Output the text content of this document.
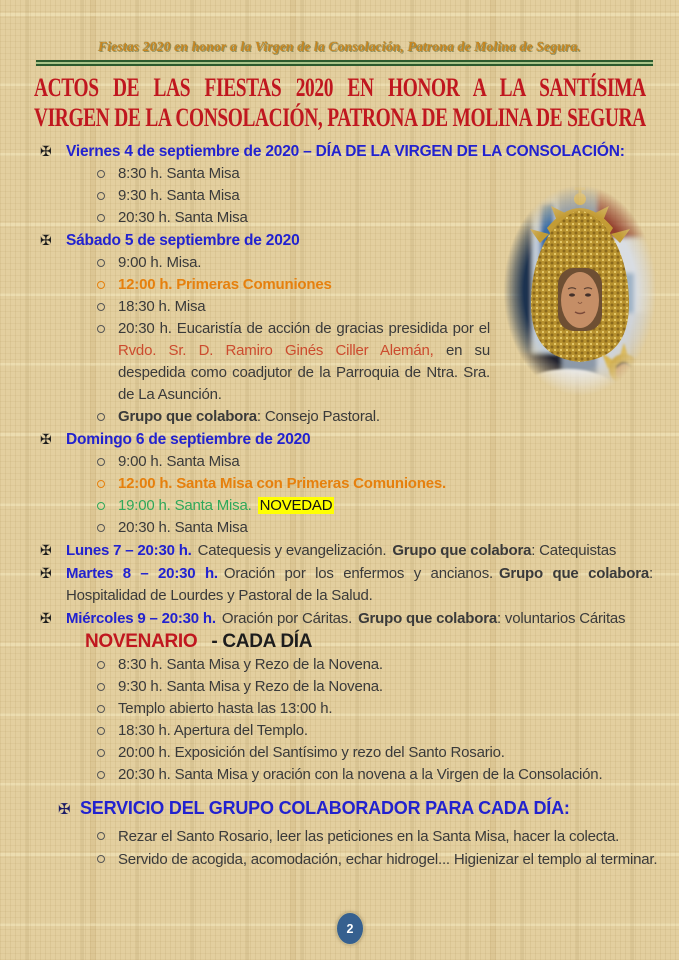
Fiestas 2020 en honor a la Virgen de la Consolación, Patrona de Molina de Segura.
ACTOS DE LAS FIESTAS 2020 EN HONOR A LA SANTÍSIMA
VIRGEN DE LA CONSOLACIÓN, PATRONA DE MOLINA DE SEGURA
✠ Viernes 4 de septiembre de 2020 – DÍA DE LA VIRGEN DE LA CONSOLACIÓN:
8:30 h. Santa Misa
9:30 h. Santa Misa
20:30 h. Santa Misa
✠ Sábado 5 de septiembre de 2020
9:00 h. Misa.
12:00 h. Primeras Comuniones
18:30 h. Misa
20:30 h. Eucaristía de acción de gracias presidida por el Rvdo. Sr. D. Ramiro Ginés Ciller Alemán, en su despedida como coadjutor de la Parroquia de Ntra. Sra. de La Asunción.
Grupo que colabora: Consejo Pastoral.
✠ Domingo 6 de septiembre de 2020
9:00 h. Santa Misa
12:00 h. Santa Misa con Primeras Comuniones.
19:00 h. Santa Misa. NOVEDAD
20:30 h. Santa Misa
✠ Lunes 7 – 20:30 h. Catequesis y evangelización. Grupo que colabora: Catequistas
✠ Martes 8 – 20:30 h. Oración por los enfermos y ancianos. Grupo que colabora:
Hospitalidad de Lourdes y Pastoral de la Salud.
✠ Miércoles 9 – 20:30 h. Oración por Cáritas. Grupo que colabora: voluntarios Cáritas
NOVENARIO - CADA DÍA
8:30 h. Santa Misa y Rezo de la Novena.
9:30 h. Santa Misa y Rezo de la Novena.
Templo abierto hasta las 13:00 h.
18:30 h. Apertura del Templo.
20:00 h. Exposición del Santísimo y rezo del Santo Rosario.
20:30 h. Santa Misa y oración con la novena a la Virgen de la Consolación.
✠ SERVICIO DEL GRUPO COLABORADOR PARA CADA DÍA:
Rezar el Santo Rosario, leer las peticiones en la Santa Misa, hacer la colecta.
Servido de acogida, acomodación, echar hidrogel... Higienizar el templo al terminar.
2
